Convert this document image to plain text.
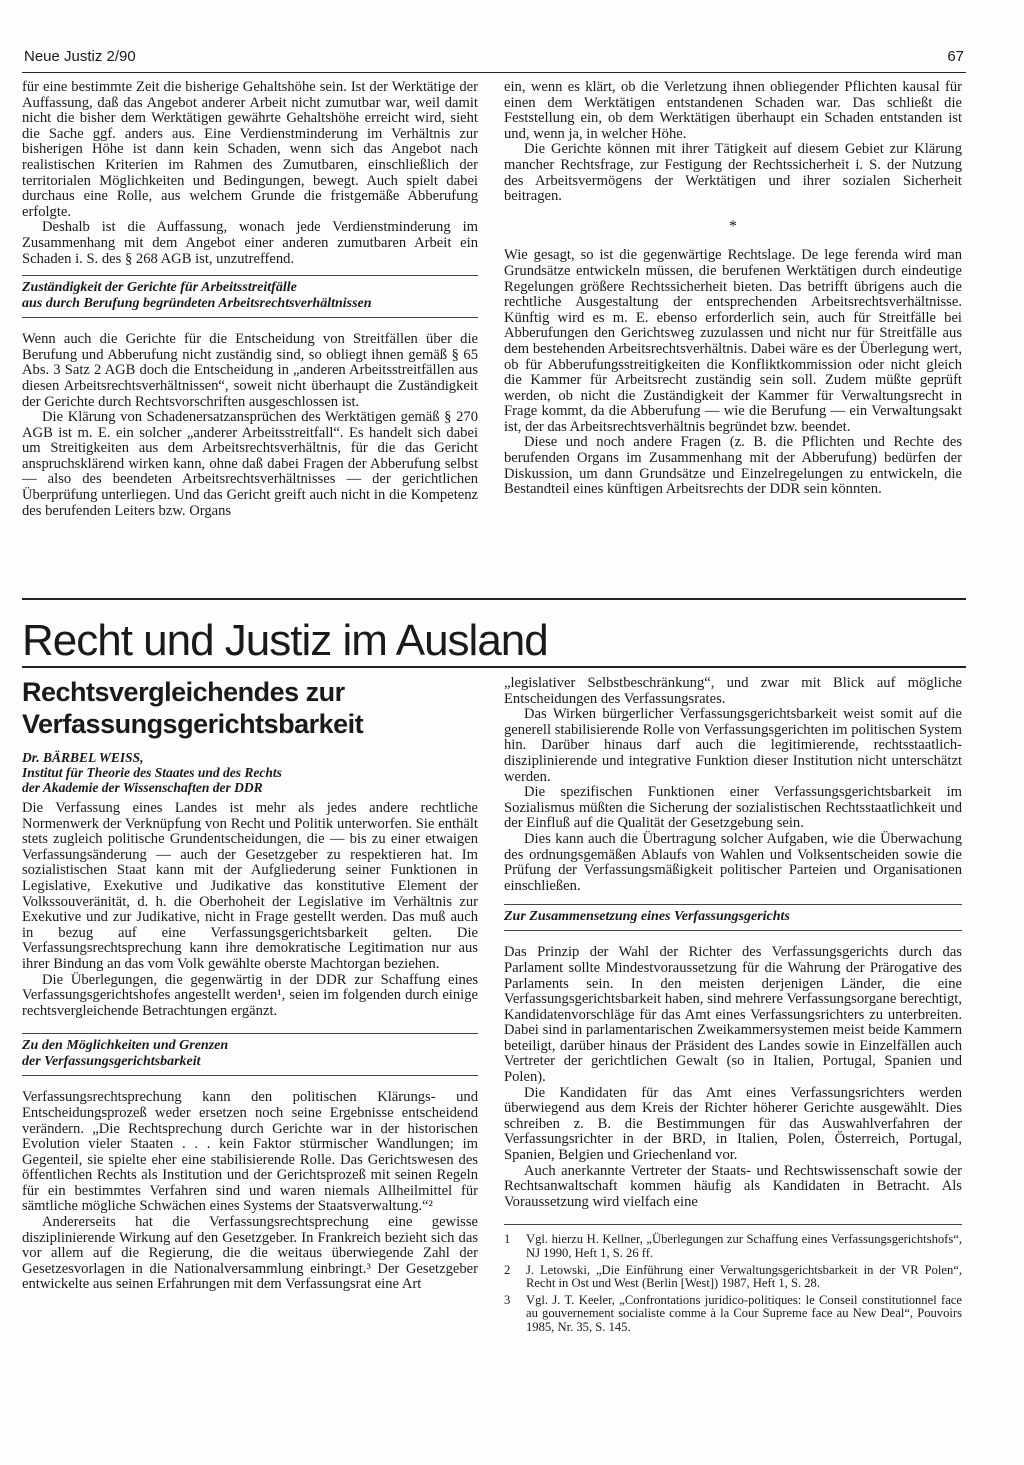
Neue Justiz 2/90	67

für eine bestimmte Zeit die bisherige Gehaltshöhe sein. Ist der Werktätige der Auffassung, daß das Angebot anderer Arbeit nicht zumutbar war, weil damit nicht die bisher dem Werktätigen gewährte Gehaltshöhe erreicht wird, sieht die Sache ggf. anders aus. Eine Verdienstminderung im Verhältnis zur bisherigen Höhe ist dann kein Schaden, wenn sich das Angebot nach realistischen Kriterien im Rahmen des Zumutbaren, einschließlich der territorialen Möglichkeiten und Bedingungen, bewegt. Auch spielt dabei durchaus eine Rolle, aus welchem Grunde die fristgemäße Abberufung erfolgte.

Deshalb ist die Auffassung, wonach jede Verdienstminderung im Zusammenhang mit dem Angebot einer anderen zumutbaren Arbeit ein Schaden i. S. des § 268 AGB ist, unzutreffend.

Zuständigkeit der Gerichte für Arbeitsstreitfälle
aus durch Berufung begründeten Arbeitsrechtsverhältnissen

Wenn auch die Gerichte für die Entscheidung von Streitfällen über die Berufung und Abberufung nicht zuständig sind, so obliegt ihnen gemäß § 65 Abs. 3 Satz 2 AGB doch die Entscheidung in „anderen Arbeitsstreitfällen aus diesen Arbeitsrechtsverhältnissen“, soweit nicht überhaupt die Zuständigkeit der Gerichte durch Rechtsvorschriften ausgeschlossen ist.

Die Klärung von Schadenersatzansprüchen des Werktätigen gemäß § 270 AGB ist m. E. ein solcher „anderer Arbeitsstreitfall“. Es handelt sich dabei um Streitigkeiten aus dem Arbeitsrechtsverhältnis, für die das Gericht anspruchsklärend wirken kann, ohne daß dabei Fragen der Abberufung selbst — also des beendeten Arbeitsrechtsverhältnisses — der gerichtlichen Überprüfung unterliegen. Und das Gericht greift auch nicht in die Kompetenz des berufenden Leiters bzw. Organs

ein, wenn es klärt, ob die Verletzung ihnen obliegender Pflichten kausal für einen dem Werktätigen entstandenen Schaden war. Das schließt die Feststellung ein, ob dem Werktätigen überhaupt ein Schaden entstanden ist und, wenn ja, in welcher Höhe.

Die Gerichte können mit ihrer Tätigkeit auf diesem Gebiet zur Klärung mancher Rechtsfrage, zur Festigung der Rechtssicherheit i. S. der Nutzung des Arbeitsvermögens der Werktätigen und ihrer sozialen Sicherheit beitragen.

*

Wie gesagt, so ist die gegenwärtige Rechtslage. De lege ferenda wird man Grundsätze entwickeln müssen, die berufenen Werktätigen durch eindeutige Regelungen größere Rechtssicherheit bieten. Das betrifft übrigens auch die rechtliche Ausgestaltung der entsprechenden Arbeitsrechtsverhältnisse. Künftig wird es m. E. ebenso erforderlich sein, auch für Streitfälle bei Abberufungen den Gerichtsweg zuzulassen und nicht nur für Streitfälle aus dem bestehenden Arbeitsrechtsverhältnis. Dabei wäre es der Überlegung wert, ob für Abberufungsstreitigkeiten die Konfliktkommission oder nicht gleich die Kammer für Arbeitsrecht zuständig sein soll. Zudem müßte geprüft werden, ob nicht die Zuständigkeit der Kammer für Verwaltungsrecht in Frage kommt, da die Abberufung — wie die Berufung — ein Verwaltungsakt ist, der das Arbeitsrechtsverhältnis begründet bzw. beendet.

Diese und noch andere Fragen (z. B. die Pflichten und Rechte des berufenden Organs im Zusammenhang mit der Abberufung) bedürfen der Diskussion, um dann Grundsätze und Einzelregelungen zu entwickeln, die Bestandteil eines künftigen Arbeitsrechts der DDR sein könnten.

Recht und Justiz im Ausland
Rechtsvergleichendes zur
Verfassungsgerichtsbarkeit
Dr. BÄRBEL WEISS,
Institut für Theorie des Staates und des Rechts
der Akademie der Wissenschaften der DDR

Die Verfassung eines Landes ist mehr als jedes andere rechtliche Normenwerk der Verknüpfung von Recht und Politik unterworfen. Sie enthält stets zugleich politische Grundentscheidungen, die — bis zu einer etwaigen Verfassungsänderung — auch der Gesetzgeber zu respektieren hat. Im sozialistischen Staat kann mit der Aufgliederung seiner Funktionen in Legislative, Exekutive und Judikative das konstitutive Element der Volkssouveränität, d. h. die Oberhoheit der Legislative im Verhältnis zur Exekutive und zur Judikative, nicht in Frage gestellt werden. Das muß auch in bezug auf eine Verfassungsgerichtsbarkeit gelten. Die Verfassungsrechtsprechung kann ihre demokratische Legitimation nur aus ihrer Bindung an das vom Volk gewählte oberste Machtorgan beziehen.

Die Überlegungen, die gegenwärtig in der DDR zur Schaffung eines Verfassungsgerichtshofes angestellt werden¹, seien im folgenden durch einige rechtsvergleichende Betrachtungen ergänzt.

Zu den Möglichkeiten und Grenzen
der Verfassungsgerichtsbarkeit

Verfassungsrechtsprechung kann den politischen Klärungs- und Entscheidungsprozeß weder ersetzen noch seine Ergebnisse entscheidend verändern. „Die Rechtsprechung durch Gerichte war in der historischen Evolution vieler Staaten . . . kein Faktor stürmischer Wandlungen; im Gegenteil, sie spielte eher eine stabilisierende Rolle. Das Gerichtswesen des öffentlichen Rechts als Institution und der Gerichtsprozeß mit seinen Regeln für ein bestimmtes Verfahren sind und waren niemals Allheilmittel für sämtliche mögliche Schwächen eines Systems der Staatsverwaltung.“²

Andererseits hat die Verfassungsrechtsprechung eine gewisse disziplinierende Wirkung auf den Gesetzgeber. In Frankreich bezieht sich das vor allem auf die Regierung, die die weitaus überwiegende Zahl der Gesetzesvorlagen in die Nationalversammlung einbringt.³ Der Gesetzgeber entwickelte aus seinen Erfahrungen mit dem Verfassungsrat eine Art

„legislativer Selbstbeschränkung“, und zwar mit Blick auf mögliche Entscheidungen des Verfassungsrates.

Das Wirken bürgerlicher Verfassungsgerichtsbarkeit weist somit auf die generell stabilisierende Rolle von Verfassungsgerichten im politischen System hin. Darüber hinaus darf auch die legitimierende, rechtsstaatlich-disziplinierende und integrative Funktion dieser Institution nicht unterschätzt werden.

Die spezifischen Funktionen einer Verfassungsgerichtsbarkeit im Sozialismus müßten die Sicherung der sozialistischen Rechtsstaatlichkeit und der Einfluß auf die Qualität der Gesetzgebung sein.

Dies kann auch die Übertragung solcher Aufgaben, wie die Überwachung des ordnungsgemäßen Ablaufs von Wahlen und Volksentscheiden sowie die Prüfung der Verfassungsmäßigkeit politischer Parteien und Organisationen einschließen.

Zur Zusammensetzung eines Verfassungsgerichts

Das Prinzip der Wahl der Richter des Verfassungsgerichts durch das Parlament sollte Mindestvoraussetzung für die Wahrung der Prärogative des Parlaments sein. In den meisten derjenigen Länder, die eine Verfassungsgerichtsbarkeit haben, sind mehrere Verfassungsorgane berechtigt, Kandidatenvorschläge für das Amt eines Verfassungsrichters zu unterbreiten. Dabei sind in parlamentarischen Zweikammersystemen meist beide Kammern beteiligt, darüber hinaus der Präsident des Landes sowie in Einzelfällen auch Vertreter der gerichtlichen Gewalt (so in Italien, Portugal, Spanien und Polen).

Die Kandidaten für das Amt eines Verfassungsrichters werden überwiegend aus dem Kreis der Richter höherer Gerichte ausgewählt. Dies schreiben z. B. die Bestimmungen für das Auswahlverfahren der Verfassungsrichter in der BRD, in Italien, Polen, Österreich, Portugal, Spanien, Belgien und Griechenland vor.

Auch anerkannte Vertreter der Staats- und Rechtswissenschaft sowie der Rechtsanwaltschaft kommen häufig als Kandidaten in Betracht. Als Voraussetzung wird vielfach eine

1	Vgl. hierzu H. Kellner, „Überlegungen zur Schaffung eines Verfassungsgerichtshofs“, NJ 1990, Heft 1, S. 26 ff.
2	J. Letowski, „Die Einführung einer Verwaltungsgerichtsbarkeit in der VR Polen“, Recht in Ost und West (Berlin [West]) 1987, Heft 1, S. 28.
3	Vgl. J. T. Keeler, „Confrontations juridico-politiques: le Conseil constitutionnel face au gouvernement socialiste comme à la Cour Supreme face au New Deal“, Pouvoirs 1985, Nr. 35, S. 145.
